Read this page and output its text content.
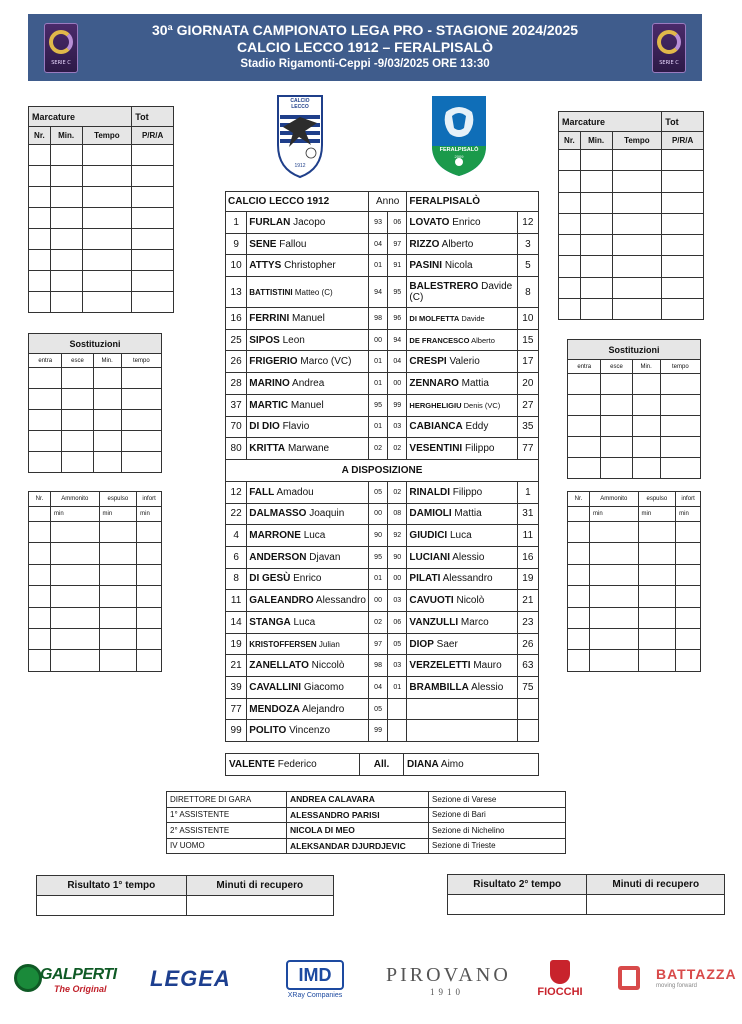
SERIE C
30ª GIORNATA CAMPIONATO LEGA PRO - STAGIONE 2024/2025
CALCIO LECCO 1912 – FERALPISALÒ
Stadio Rigamonti-Ceppi -9/03/2025 ORE 13:30	SERIE C
CALCIO
LECCO
1912
FERALPISALÒ
2009
Marcature			Tot
Nr.	Min.	Tempo	P/R/A

Sostituzioni			
entra	esce	Min.	tempo

Nr.	Ammonito	espulso	infort
	min	min	min

Marcature			Tot
Nr.	Min.	Tempo	P/R/A

Sostituzioni			
entra	esce	Min.	tempo

Nr.	Ammonito	espulso	infort
	min	min	min

CALCIO LECCO 1912		Anno		FERALPISALÒ	
1	FURLAN Jacopo	93	06	LOVATO Enrico	12
9	SENE Fallou	04	97	RIZZO Alberto	3
10	ATTYS Christopher	01	91	PASINI Nicola	5
13	BATTISTINI Matteo (C)	94	95	BALESTRERO Davide (C)	8
16	FERRINI Manuel	98	96	DI MOLFETTA Davide	10
25	SIPOS Leon	00	94	DE FRANCESCO Alberto	15
26	FRIGERIO Marco (VC)	01	04	CRESPI Valerio	17
28	MARINO Andrea	01	00	ZENNARO Mattia	20
37	MARTIC Manuel	95	99	HERGHELIGIU Denis (VC)	27
70	DI DIO Flavio	01	03	CABIANCA Eddy	35
80	KRITTA Marwane	02	02	VESENTINI Filippo	77
A DISPOSIZIONE					
12	FALL Amadou	05	02	RINALDI Filippo	1
22	DALMASSO Joaquin	00	08	DAMIOLI Mattia	31
4	MARRONE Luca	90	92	GIUDICI Luca	11
6	ANDERSON Djavan	95	90	LUCIANI Alessio	16
8	DI GESÙ Enrico	01	00	PILATI Alessandro	19
11	GALEANDRO Alessandro	00	03	CAVUOTI Nicolò	21
14	STANGA Luca	02	06	VANZULLI Marco	23
19	KRISTOFFERSEN Julian	97	05	DIOP Saer	26
21	ZANELLATO Niccolò	98	03	VERZELETTI Mauro	63
39	CAVALLINI Giacomo	04	01	BRAMBILLA Alessio	75
77	MENDOZA Alejandro	05			
99	POLITO Vincenzo	99			
VALENTE Federico	All.	DIANA Aimo
DIRETTORE DI GARA	ANDREA CALAVARA	Sezione di Varese
1° ASSISTENTE	ALESSANDRO PARISI	Sezione di Bari
2° ASSISTENTE	NICOLA DI MEO	Sezione di Nichelino
IV UOMO	ALEKSANDAR DJURDJEVIC	Sezione di Trieste
Risultato 1° tempo	Minuti di recupero
		Risultato 2° tempo	Minuti di recupero

GALPERTI
The Original LEGEA	IMD
XRay Companies
PIROVANO
1910	FIOCCHI
BATTAZZA
moving forward
